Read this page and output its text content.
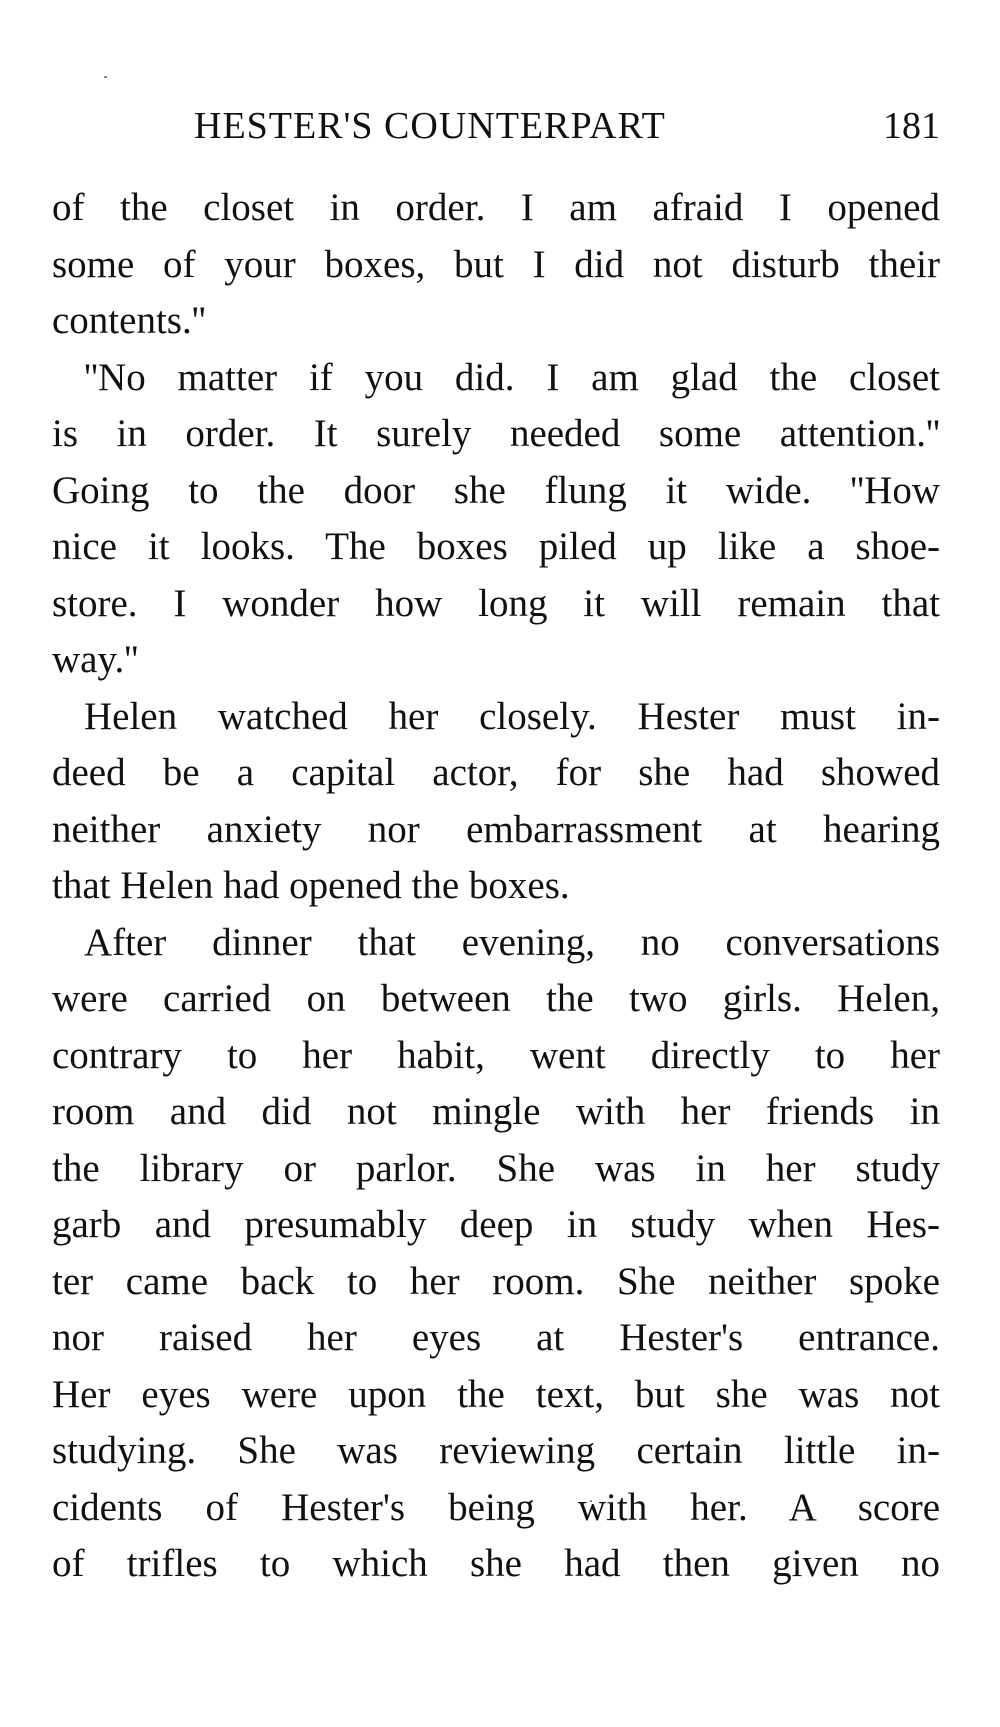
HESTER'S COUNTERPART	181
of the closet in order. I am afraid I opened
some of your boxes, but I did not disturb their
contents.''
''No matter if you did. I am glad the closet
is in order. It surely needed some attention.''
Going to the door she flung it wide. ''How
nice it looks. The boxes piled up like a shoe-
store. I wonder how long it will remain that
way.''
Helen watched her closely. Hester must in-
deed be a capital actor, for she had showed
neither anxiety nor embarrassment at hearing
that Helen had opened the boxes.
After dinner that evening, no conversations
were carried on between the two girls. Helen,
contrary to her habit, went directly to her
room and did not mingle with her friends in
the library or parlor. She was in her study
garb and presumably deep in study when Hes-
ter came back to her room. She neither spoke
nor raised her eyes at Hester's entrance.
Her eyes were upon the text, but she was not
studying. She was reviewing certain little in-
cidents of Hester's being with her. A score
of trifles to which she had then given no
